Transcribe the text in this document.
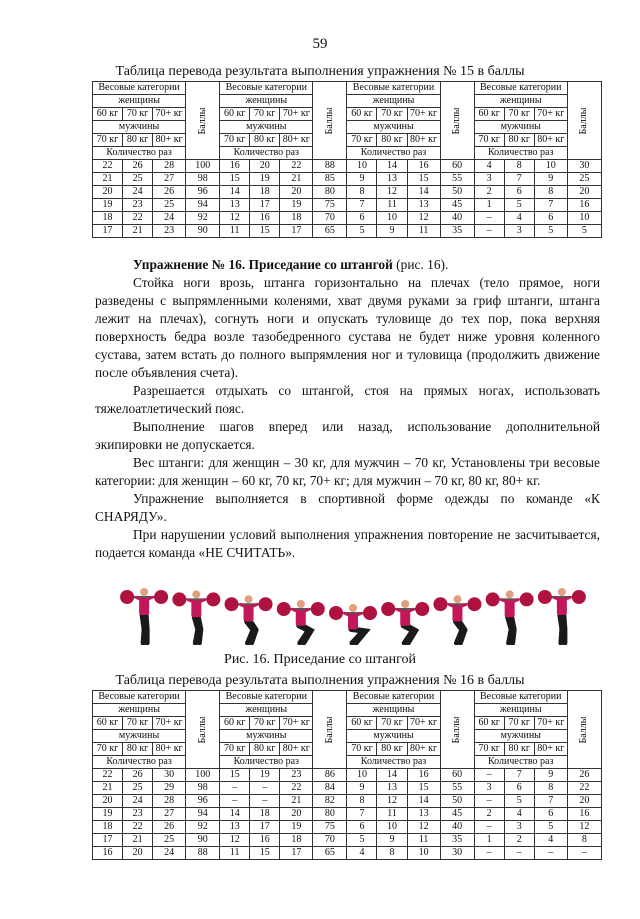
59
Таблица перевода результата выполнения упражнения № 15 в баллы
Весовые категории			Баллы	Весовые категории			Баллы	Весовые категории			Баллы	Весовые категории			Баллы

женщины				женщины				женщины				женщины			
60 кг	70 кг	70+ кг		60 кг	70 кг	70+ кг		60 кг	70 кг	70+ кг		60 кг	70 кг	70+ кг	
мужчины				мужчины				мужчины				мужчины			
70 кг	80 кг	80+ кг		70 кг	80 кг	80+ кг		70 кг	80 кг	80+ кг		70 кг	80 кг	80+ кг	
Количество раз				Количество раз				Количество раз				Количество раз			
22	26	28	100	16	20	22	88	10	14	16	60	4	8	10	30
21	25	27	98	15	19	21	85	9	13	15	55	3	7	9	25
20	24	26	96	14	18	20	80	8	12	14	50	2	6	8	20
19	23	25	94	13	17	19	75	7	11	13	45	1	5	7	16
18	22	24	92	12	16	18	70	6	10	12	40	–	4	6	10
17	21	23	90	11	15	17	65	5	9	11	35	–	3	5	5

Упражнение № 16. Приседание со штангой (рис. 16).

Стойка ноги врозь, штанга горизонтально на плечах (тело прямое, ноги разведены с выпрямленными коленями, хват двумя руками за гриф штанги, штанга лежит на плечах), согнуть ноги и опускать туловище до тех пор, пока верхняя поверхность бедра возле тазобедренного сустава не будет ниже уровня коленного сустава, затем встать до полного выпрямления ног и туловища (продолжить движение после объявления счета).

Разрешается отдыхать со штангой, стоя на прямых ногах, использовать тяжелоатлетический пояс.

Выполнение шагов вперед или назад, использование дополнительной экипировки не допускается.

Вес штанги: для женщин – 30 кг, для мужчин – 70 кг, Установлены три весовые категории: для женщин – 60 кг, 70 кг, 70+ кг; для мужчин – 70 кг, 80 кг, 80+ кг.

Упражнение выполняется в спортивной форме одежды по команде «К СНАРЯДУ».

При нарушении условий выполнения упражнения повторение не засчитывается, подается команда «НЕ СЧИТАТЬ».

Рис. 16. Приседание со штангой
Таблица перевода результата выполнения упражнения № 16 в баллы
Весовые категории			Баллы	Весовые категории			Баллы	Весовые категории			Баллы	Весовые категории			Баллы

женщины				женщины				женщины				женщины			
60 кг	70 кг	70+ кг		60 кг	70 кг	70+ кг		60 кг	70 кг	70+ кг		60 кг	70 кг	70+ кг	
мужчины				мужчины				мужчины				мужчины			
70 кг	80 кг	80+ кг		70 кг	80 кг	80+ кг		70 кг	80 кг	80+ кг		70 кг	80 кг	80+ кг	
Количество раз				Количество раз				Количество раз				Количество раз			
22	26	30	100	15	19	23	86	10	14	16	60	–	7	9	26
21	25	29	98	–	–	22	84	9	13	15	55	3	6	8	22
20	24	28	96	–	–	21	82	8	12	14	50	–	5	7	20
19	23	27	94	14	18	20	80	7	11	13	45	2	4	6	16
18	22	26	92	13	17	19	75	6	10	12	40	–	3	5	12
17	21	25	90	12	16	18	70	5	9	11	35	1	2	4	8
16	20	24	88	11	15	17	65	4	8	10	30	–	–	–	–
